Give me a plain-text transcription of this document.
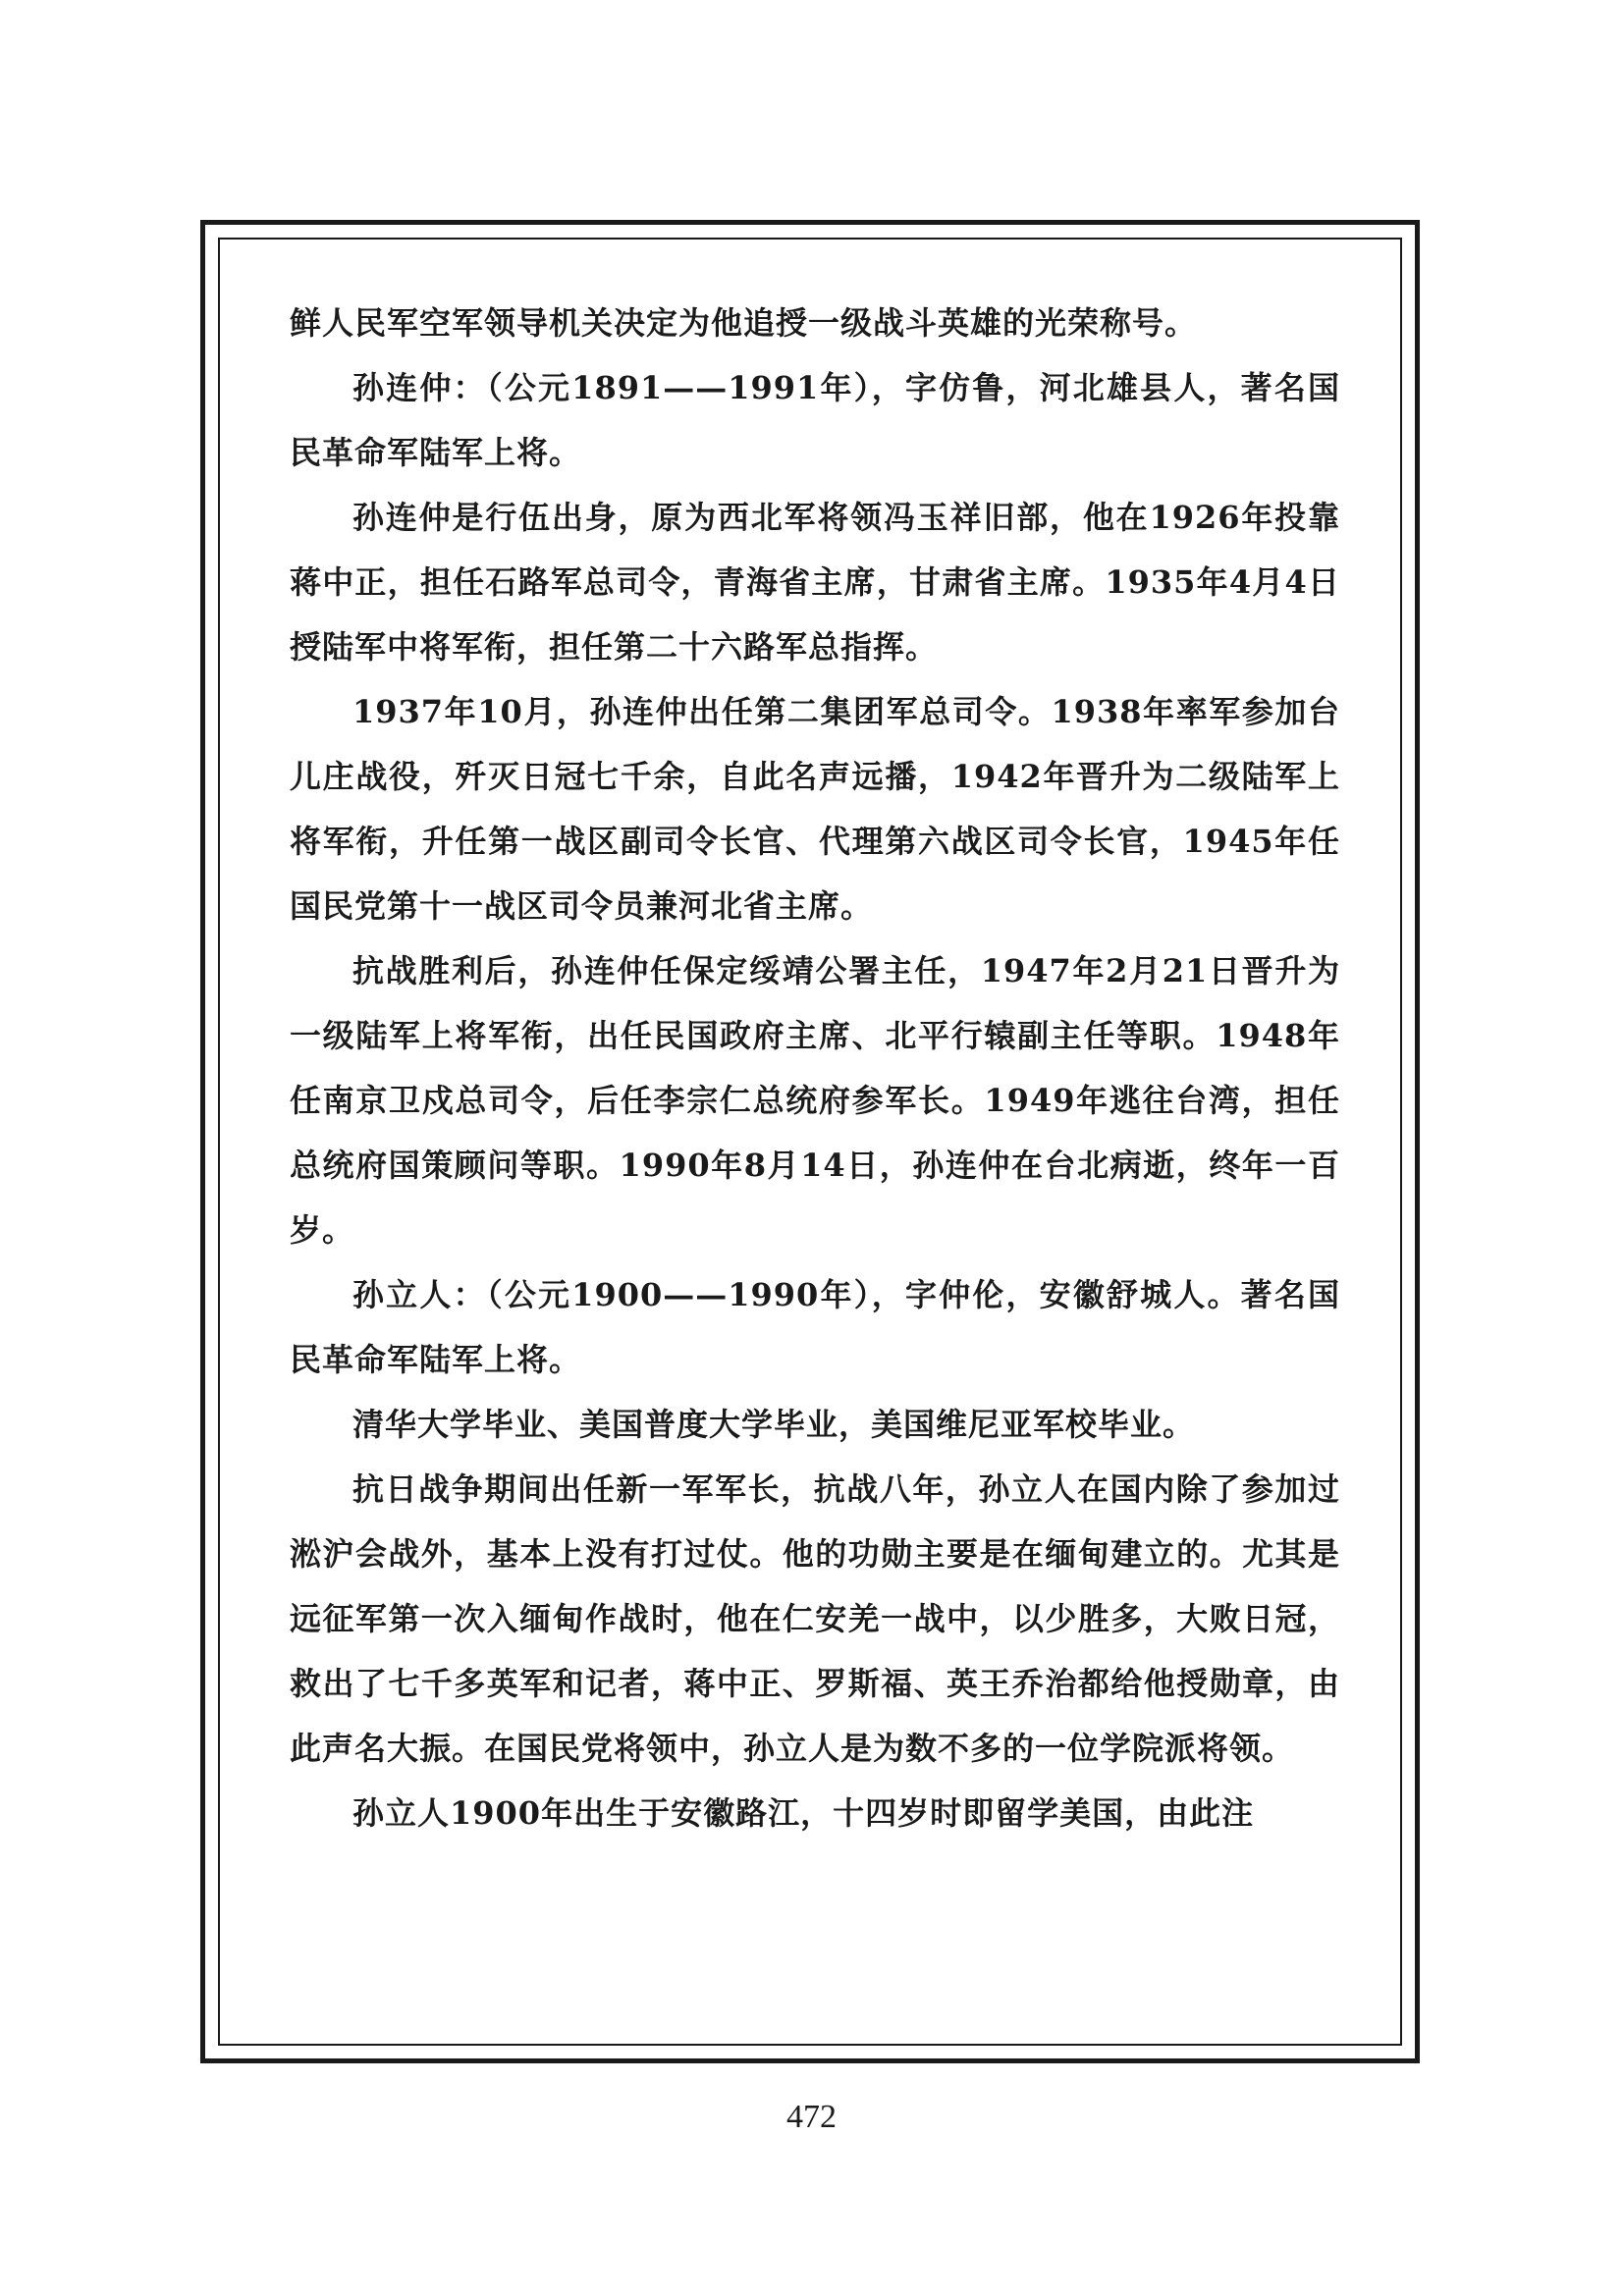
鲜人民军空军领导机关决定为他追授一级战斗英雄的光荣称号。

孙连仲：（公元1891——1991年），字仿鲁，河北雄县人，著名国民革命军陆军上将。

孙连仲是行伍出身，原为西北军将领冯玉祥旧部，他在1926年投靠蒋中正，担任石路军总司令，青海省主席，甘肃省主席。1935年4月4日授陆军中将军衔，担任第二十六路军总指挥。

1937年10月，孙连仲出任第二集团军总司令。1938年率军参加台儿庄战役，歼灭日冠七千余，自此名声远播，1942年晋升为二级陆军上将军衔，升任第一战区副司令长官、代理第六战区司令长官，1945年任国民党第十一战区司令员兼河北省主席。

抗战胜利后，孙连仲任保定绥靖公署主任，1947年2月21日晋升为一级陆军上将军衔，出任民国政府主席、北平行辕副主任等职。1948年任南京卫戍总司令，后任李宗仁总统府参军长。1949年逃往台湾，担任总统府国策顾问等职。1990年8月14日，孙连仲在台北病逝，终年一百岁。

孙立人：（公元1900——1990年），字仲伦，安徽舒城人。著名国民革命军陆军上将。

清华大学毕业、美国普度大学毕业，美国维尼亚军校毕业。

抗日战争期间出任新一军军长，抗战八年，孙立人在国内除了参加过淞沪会战外，基本上没有打过仗。他的功勋主要是在缅甸建立的。尤其是远征军第一次入缅甸作战时，他在仁安羌一战中，以少胜多，大败日冠，救出了七千多英军和记者，蒋中正、罗斯福、英王乔治都给他授勋章，由此声名大振。在国民党将领中，孙立人是为数不多的一位学院派将领。

孙立人1900年出生于安徽路江，十四岁时即留学美国，由此注

472
